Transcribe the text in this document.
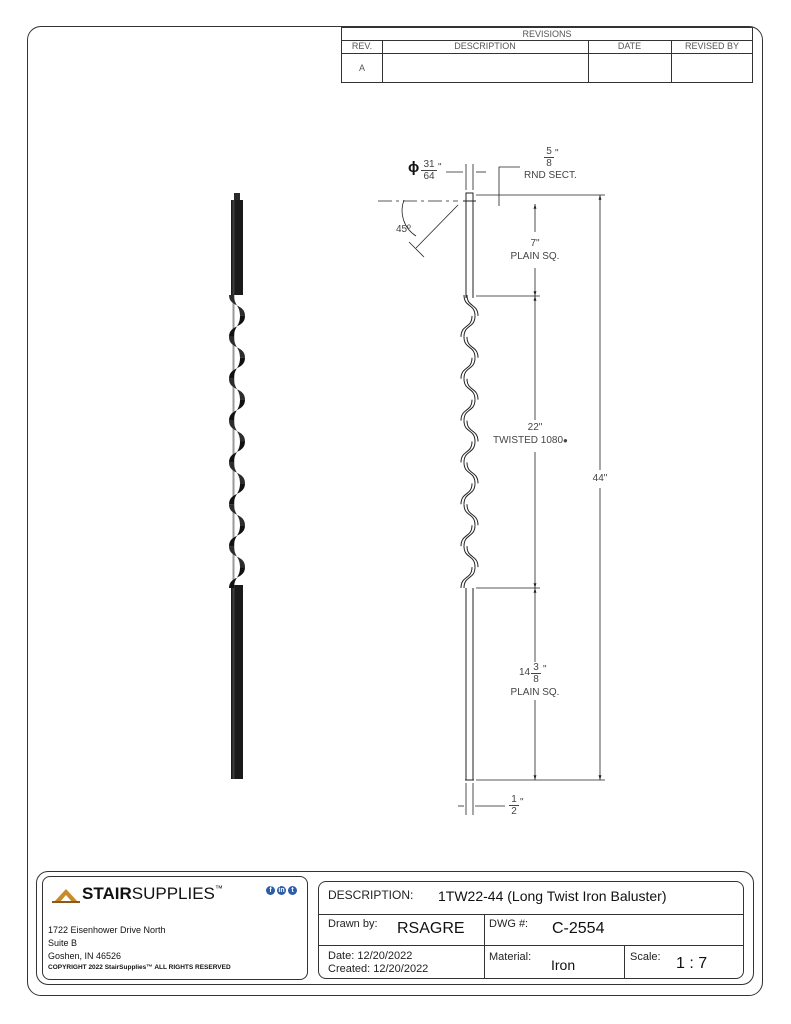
REVISIONS
REV.	DESCRIPTION	DATE	REVISED BY
A
ϕ 31
64
"
5
8
"
RND SECT.
45º
7"
PLAIN SQ.
22"
TWISTED 1080●
44"
14 3
8
"
PLAIN SQ.
1
2
"
STAIRSUPPLIES™	f in t
1722 Eisenhower Drive North
Suite B
Goshen, IN 46526
COPYRIGHT 2022 StairSupplies™ ALL RIGHTS RESERVED
DESCRIPTION: 1TW22-44 (Long Twist Iron Baluster)
Drawn by: RSAGRE DWG #: C-2554
Date: 12/20/2022
Created: 12/20/2022
Material: Iron	Scale: 1 : 7
